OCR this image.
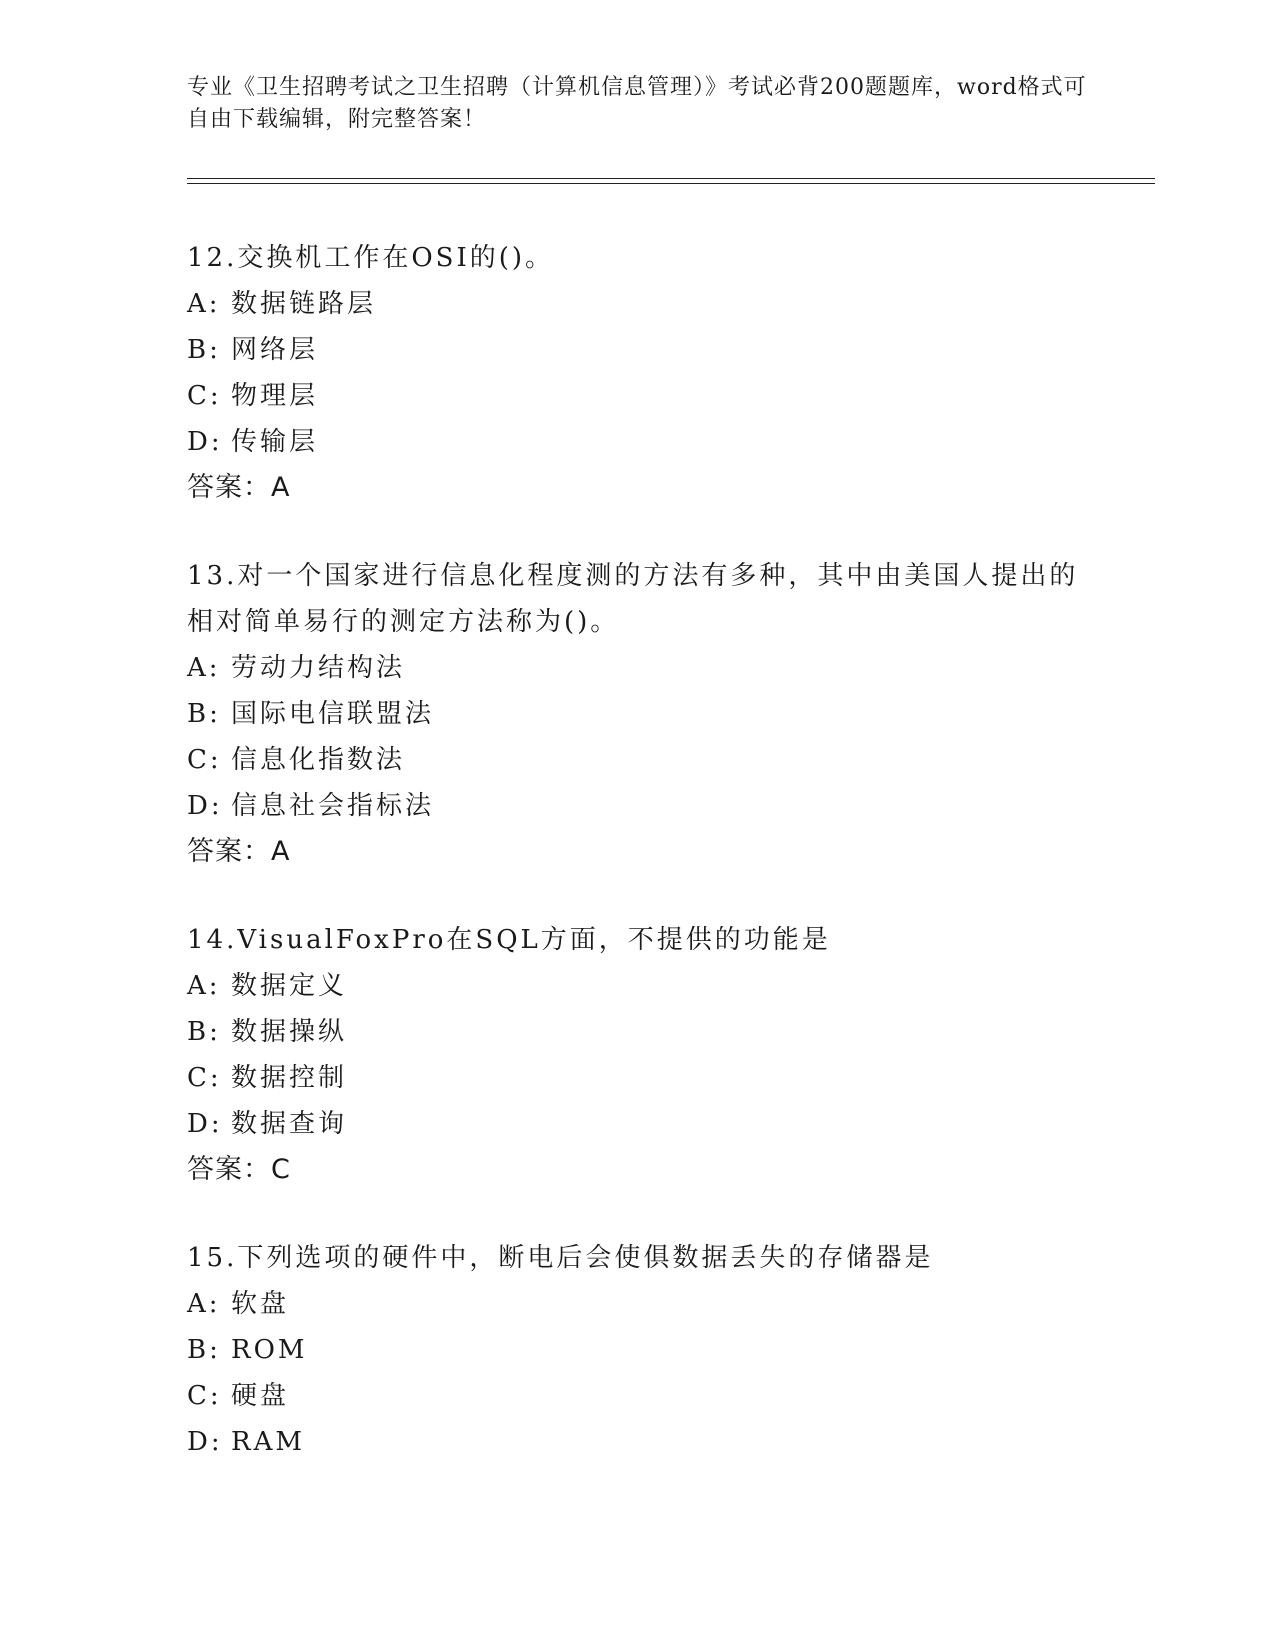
专业《卫生招聘考试之卫生招聘（计算机信息管理）》考试必背200题题库，word格式可自由下载编辑，附完整答案！
12.交换机工作在OSI的()。
A: 数据链路层
B: 网络层
C: 物理层
D: 传输层
答案：A
13.对一个国家进行信息化程度测的方法有多种，其中由美国人提出的相对简单易行的测定方法称为()。
A: 劳动力结构法
B: 国际电信联盟法
C: 信息化指数法
D: 信息社会指标法
答案：A
14.VisualFoxPro在SQL方面，不提供的功能是
A: 数据定义
B: 数据操纵
C: 数据控制
D: 数据查询
答案：C
15.下列选项的硬件中，断电后会使俱数据丢失的存储器是
A: 软盘
B: ROM
C: 硬盘
D: RAM
